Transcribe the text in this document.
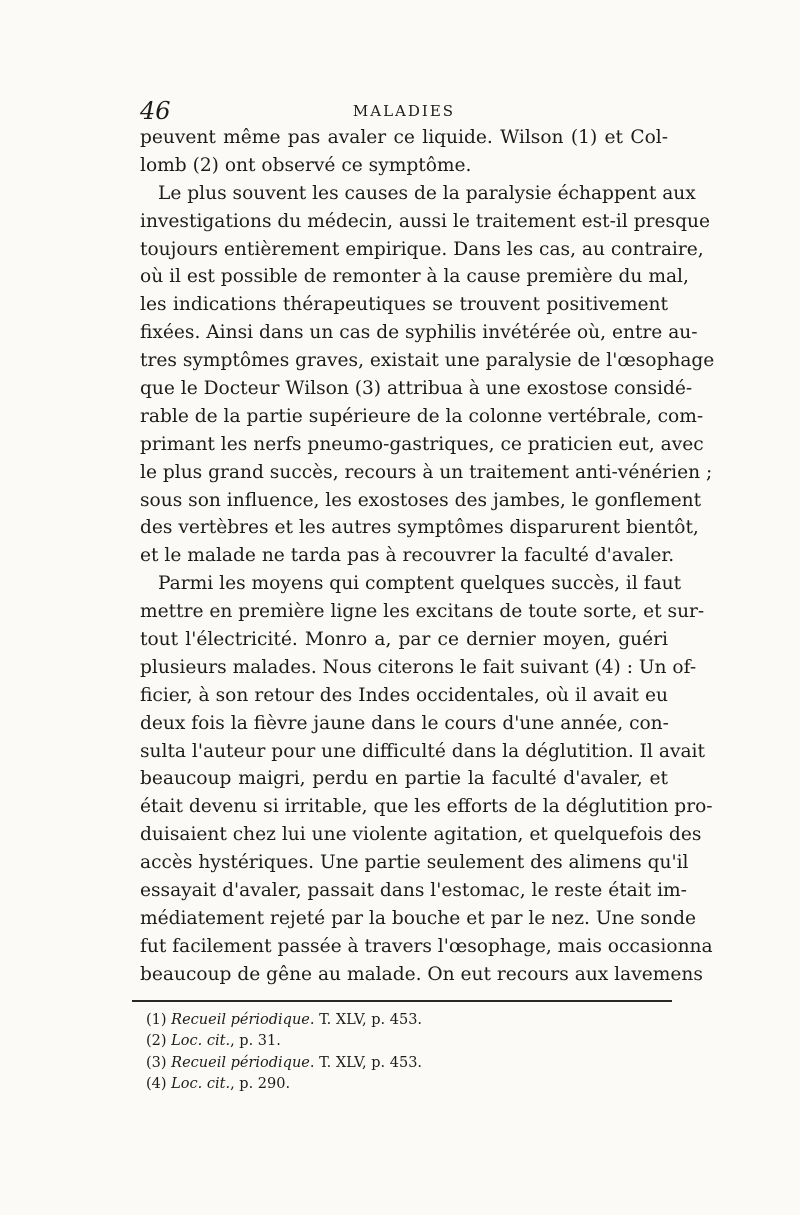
46	MALADIES
peuvent même pas avaler ce liquide. Wilson (1) et Col-
lomb (2) ont observé ce symptôme.
Le plus souvent les causes de la paralysie échappent aux
investigations du médecin, aussi le traitement est-il presque
toujours entièrement empirique. Dans les cas, au contraire,
où il est possible de remonter à la cause première du mal,
les indications thérapeutiques se trouvent positivement
fixées. Ainsi dans un cas de syphilis invétérée où, entre au-
tres symptômes graves, existait une paralysie de l'œsophage
que le Docteur Wilson (3) attribua à une exostose considé-
rable de la partie supérieure de la colonne vertébrale, com-
primant les nerfs pneumo-gastriques, ce praticien eut, avec
le plus grand succès, recours à un traitement anti-vénérien ;
sous son influence, les exostoses des jambes, le gonflement
des vertèbres et les autres symptômes disparurent bientôt,
et le malade ne tarda pas à recouvrer la faculté d'avaler.
Parmi les moyens qui comptent quelques succès, il faut
mettre en première ligne les excitans de toute sorte, et sur-
tout l'électricité. Monro a, par ce dernier moyen, guéri
plusieurs malades. Nous citerons le fait suivant (4) : Un of-
ficier, à son retour des Indes occidentales, où il avait eu
deux fois la fièvre jaune dans le cours d'une année, con-
sulta l'auteur pour une difficulté dans la déglutition. Il avait
beaucoup maigri, perdu en partie la faculté d'avaler, et
était devenu si irritable, que les efforts de la déglutition pro-
duisaient chez lui une violente agitation, et quelquefois des
accès hystériques. Une partie seulement des alimens qu'il
essayait d'avaler, passait dans l'estomac, le reste était im-
médiatement rejeté par la bouche et par le nez. Une sonde
fut facilement passée à travers l'œsophage, mais occasionna
beaucoup de gêne au malade. On eut recours aux lavemens
(1) Recueil périodique. T. XLV, p. 453.
(2) Loc. cit., p. 31.
(3) Recueil périodique. T. XLV, p. 453.
(4) Loc. cit., p. 290.
